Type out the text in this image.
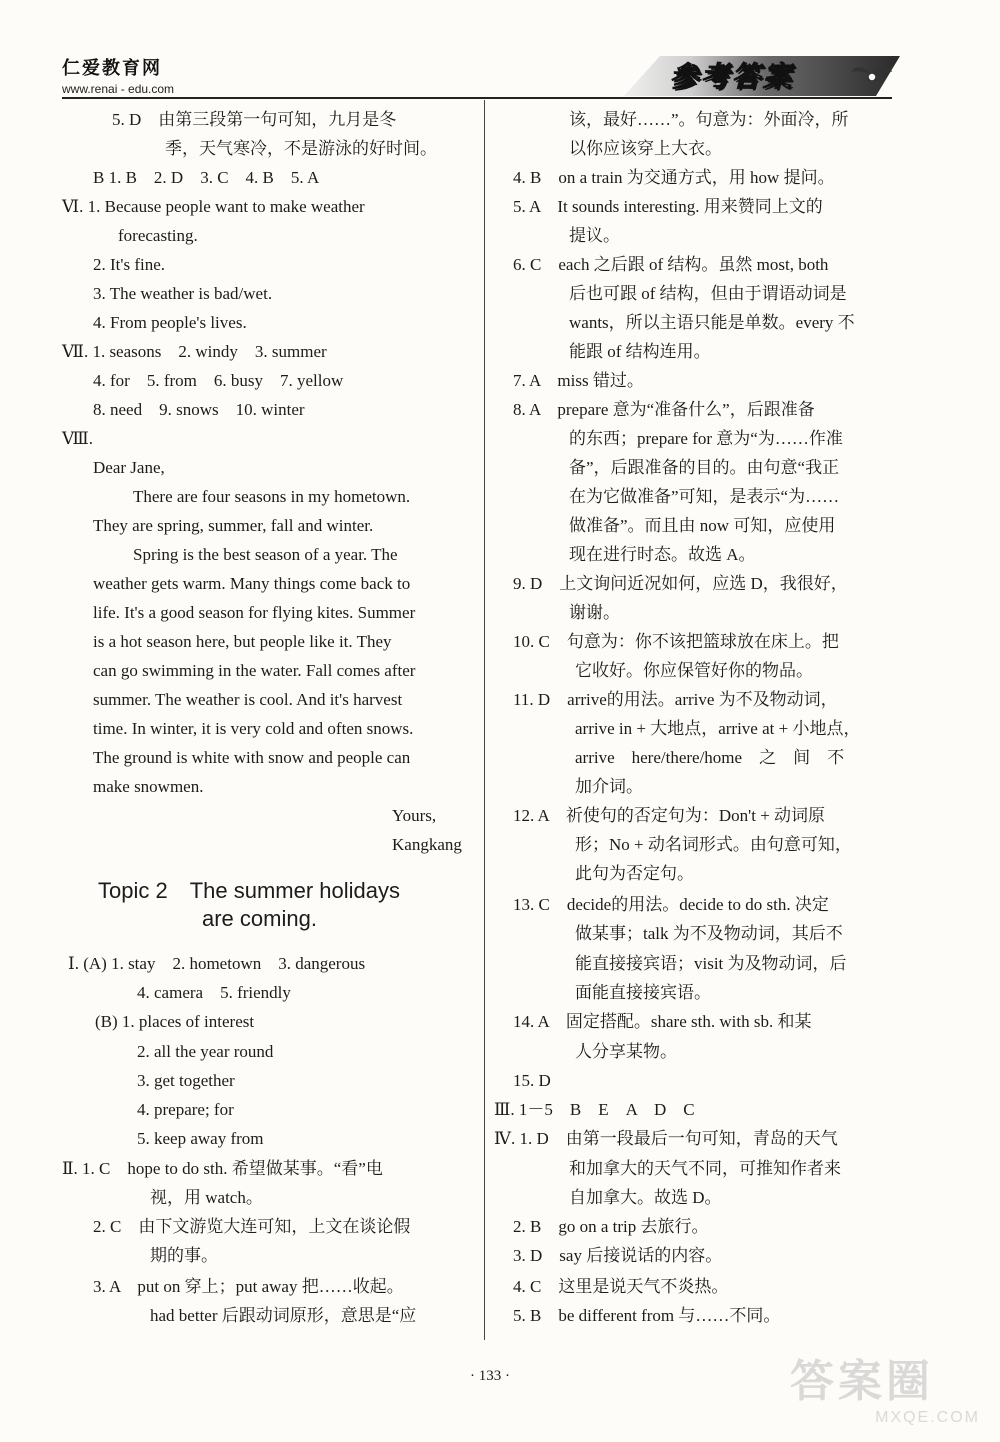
仁爱教育网
www.renai - edu.com	参考答案
5. D　由第三段第一句可知，九月是冬
季，天气寒冷，不是游泳的好时间。
B 1. B　2. D　3. C　4. B　5. A
Ⅵ. 1. Because people want to make weather
forecasting.
2. It's fine.
3. The weather is bad/wet.
4. From people's lives.
Ⅶ. 1. seasons　2. windy　3. summer
4. for　5. from　6. busy　7. yellow
8. need　9. snows　10. winter
Ⅷ.
Dear Jane,
There are four seasons in my hometown.
They are spring, summer, fall and winter.
Spring is the best season of a year. The
weather gets warm. Many things come back to
life. It's a good season for flying kites. Summer
is a hot season here, but people like it. They
can go swimming in the water. Fall comes after
summer. The weather is cool. And it's harvest
time. In winter, it is very cold and often snows.
The ground is white with snow and people can
make snowmen.
Yours,
Kangkang
Topic 2　The summer holidays
are coming.
Ⅰ. (A) 1. stay　2. hometown　3. dangerous
4. camera　5. friendly
(B) 1. places of interest
2. all the year round
3. get together
4. prepare; for
5. keep away from
Ⅱ. 1. C　hope to do sth. 希望做某事。“看”电
视，用 watch。
2. C　由下文游览大连可知，上文在谈论假
期的事。
3. A　put on 穿上；put away 把……收起。
had better 后跟动词原形，意思是“应
该，最好……”。句意为：外面冷，所
以你应该穿上大衣。
4. B　on a train 为交通方式，用 how 提问。
5. A　It sounds interesting. 用来赞同上文的
提议。
6. C　each 之后跟 of 结构。虽然 most, both
后也可跟 of 结构，但由于谓语动词是
wants，所以主语只能是单数。every 不
能跟 of 结构连用。
7. A　miss 错过。
8. A　prepare 意为“准备什么”，后跟准备
的东西；prepare for 意为“为……作准
备”，后跟准备的目的。由句意“我正
在为它做准备”可知，是表示“为……
做准备”。而且由 now 可知，应使用
现在进行时态。故选 A。
9. D　上文询问近况如何，应选 D，我很好，
谢谢。
10. C　句意为：你不该把篮球放在床上。把
它收好。你应保管好你的物品。
11. D　arrive的用法。arrive 为不及物动词，
arrive in + 大地点，arrive at + 小地点，
arrive　here/there/home　之　间　不
加介词。
12. A　祈使句的否定句为：Don't + 动词原
形；No + 动名词形式。由句意可知，
此句为否定句。
13. C　decide的用法。decide to do sth. 决定
做某事；talk 为不及物动词，其后不
能直接接宾语；visit 为及物动词，后
面能直接接宾语。
14. A　固定搭配。share sth. with sb. 和某
人分享某物。
15. D
Ⅲ. 1－5　B　E　A　D　C
Ⅳ. 1. D　由第一段最后一句可知，青岛的天气
和加拿大的天气不同，可推知作者来
自加拿大。故选 D。
2. B　go on a trip 去旅行。
3. D　say 后接说话的内容。
4. C　这里是说天气不炎热。
5. B　be different from 与……不同。
· 133 ·	答案圈
MXQE.COM
